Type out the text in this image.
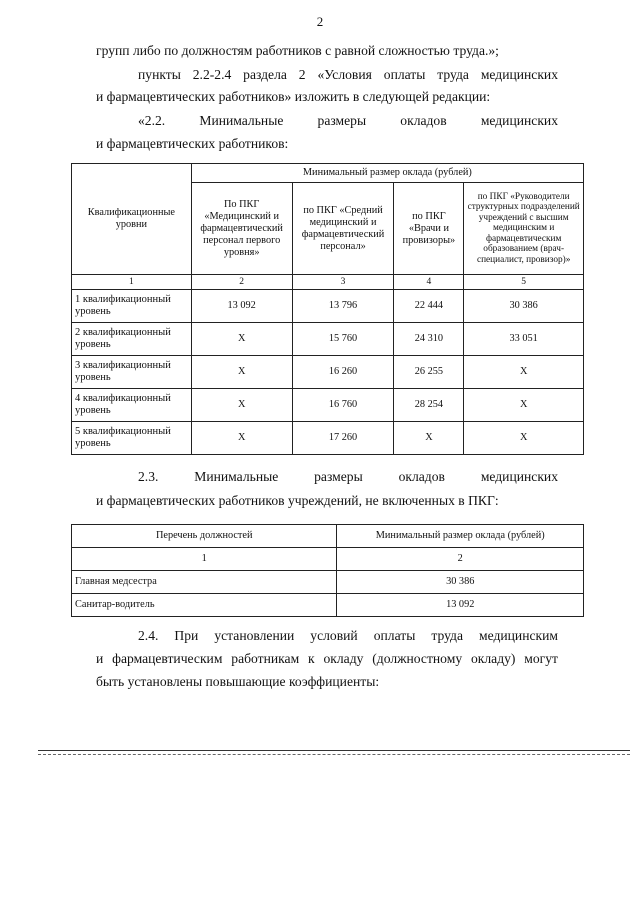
2

групп либо по должностям работников с равной сложностью труда.»;

пункты 2.2-2.4 раздела 2 «Условия оплаты труда медицинских

и фармацевтических работников» изложить в следующей редакции:

«2.2. Минимальные размеры окладов медицинских

и фармацевтических работников:

Квалификационные уровни	Минимальный размер оклада (рублей)			
	По ПКГ «Медицинский и фармацевтический персонал первого уровня»	по ПКГ «Средний медицинский и фармацевтический персонал»	по ПКГ «Врачи и провизоры»	по ПКГ «Руководители структурных подразделений учреждений с высшим медицинским и фармацевтическим образованием (врач-специалист, провизор)»
1	2	3	4	5
1 квалификационный уровень	13 092	13 796	22 444	30 386
2 квалификационный уровень	X	15 760	24 310	33 051
3 квалификационный уровень	X	16 260	26 255	X
4 квалификационный уровень	X	16 760	28 254	X
5 квалификационный уровень	X	17 260	X	X

2.3. Минимальные размеры окладов медицинских

и фармацевтических работников учреждений, не включенных в ПКГ:

Перечень должностей	Минимальный размер оклада (рублей)
1	2
Главная медсестра	30 386
Санитар-водитель	13 092

2.4. При установлении условий оплаты труда медицинским

и фармацевтическим работникам к окладу (должностному окладу) могут

быть установлены повышающие коэффициенты:
